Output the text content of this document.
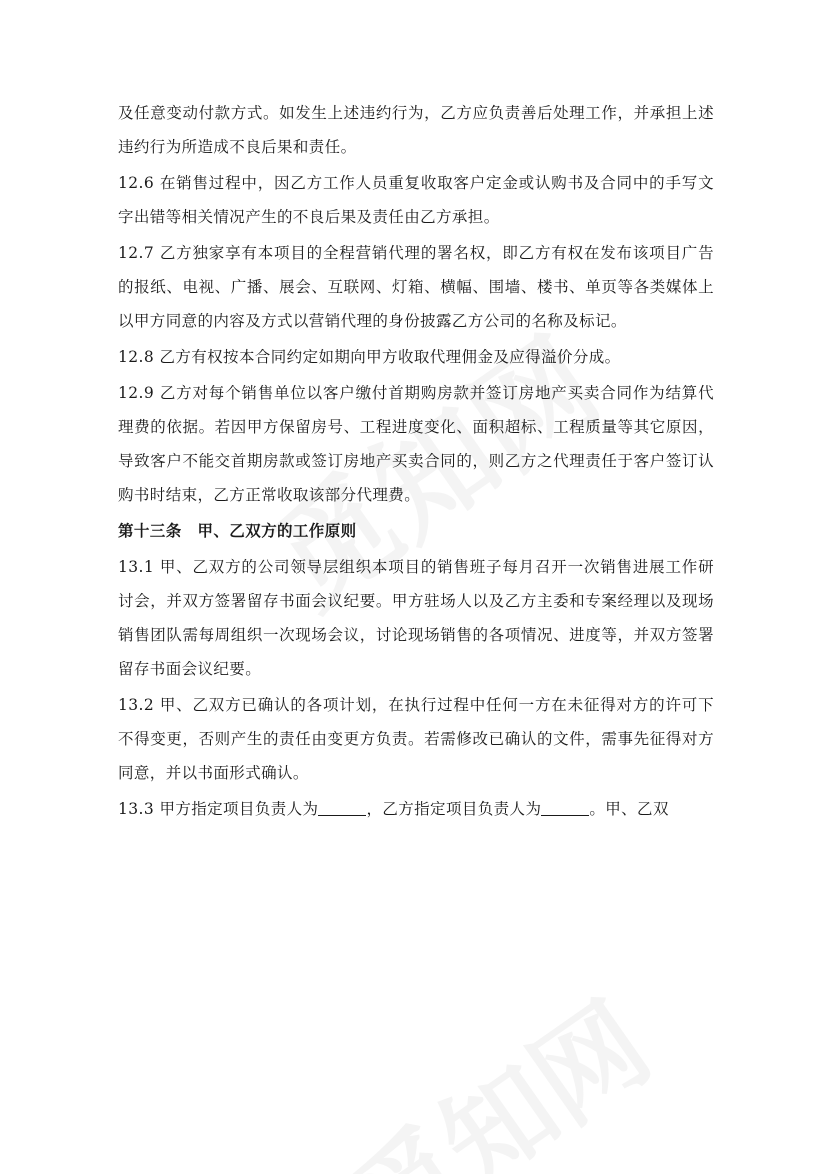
及任意变动付款方式。如发生上述违约行为，乙方应负责善后处理工作，并承担上述违约行为所造成不良后果和责任。

12.6 在销售过程中，因乙方工作人员重复收取客户定金或认购书及合同中的手写文字出错等相关情况产生的不良后果及责任由乙方承担。

12.7 乙方独家享有本项目的全程营销代理的署名权，即乙方有权在发布该项目广告的报纸、电视、广播、展会、互联网、灯箱、横幅、围墙、楼书、单页等各类媒体上以甲方同意的内容及方式以营销代理的身份披露乙方公司的名称及标记。

12.8 乙方有权按本合同约定如期向甲方收取代理佣金及应得溢价分成。

12.9 乙方对每个销售单位以客户缴付首期购房款并签订房地产买卖合同作为结算代理费的依据。若因甲方保留房号、工程进度变化、面积超标、工程质量等其它原因，导致客户不能交首期房款或签订房地产买卖合同的，则乙方之代理责任于客户签订认购书时结束，乙方正常收取该部分代理费。

第十三条　甲、乙双方的工作原则

13.1 甲、乙双方的公司领导层组织本项目的销售班子每月召开一次销售进展工作研讨会，并双方签署留存书面会议纪要。甲方驻场人以及乙方主委和专案经理以及现场销售团队需每周组织一次现场会议，讨论现场销售的各项情况、进度等，并双方签署留存书面会议纪要。

13.2 甲、乙双方已确认的各项计划，在执行过程中任何一方在未征得对方的许可下不得变更，否则产生的责任由变更方负责。若需修改已确认的文件，需事先征得对方同意，并以书面形式确认。

13.3 甲方指定项目负责人为	，乙方指定项目负责人为	。甲、乙双
